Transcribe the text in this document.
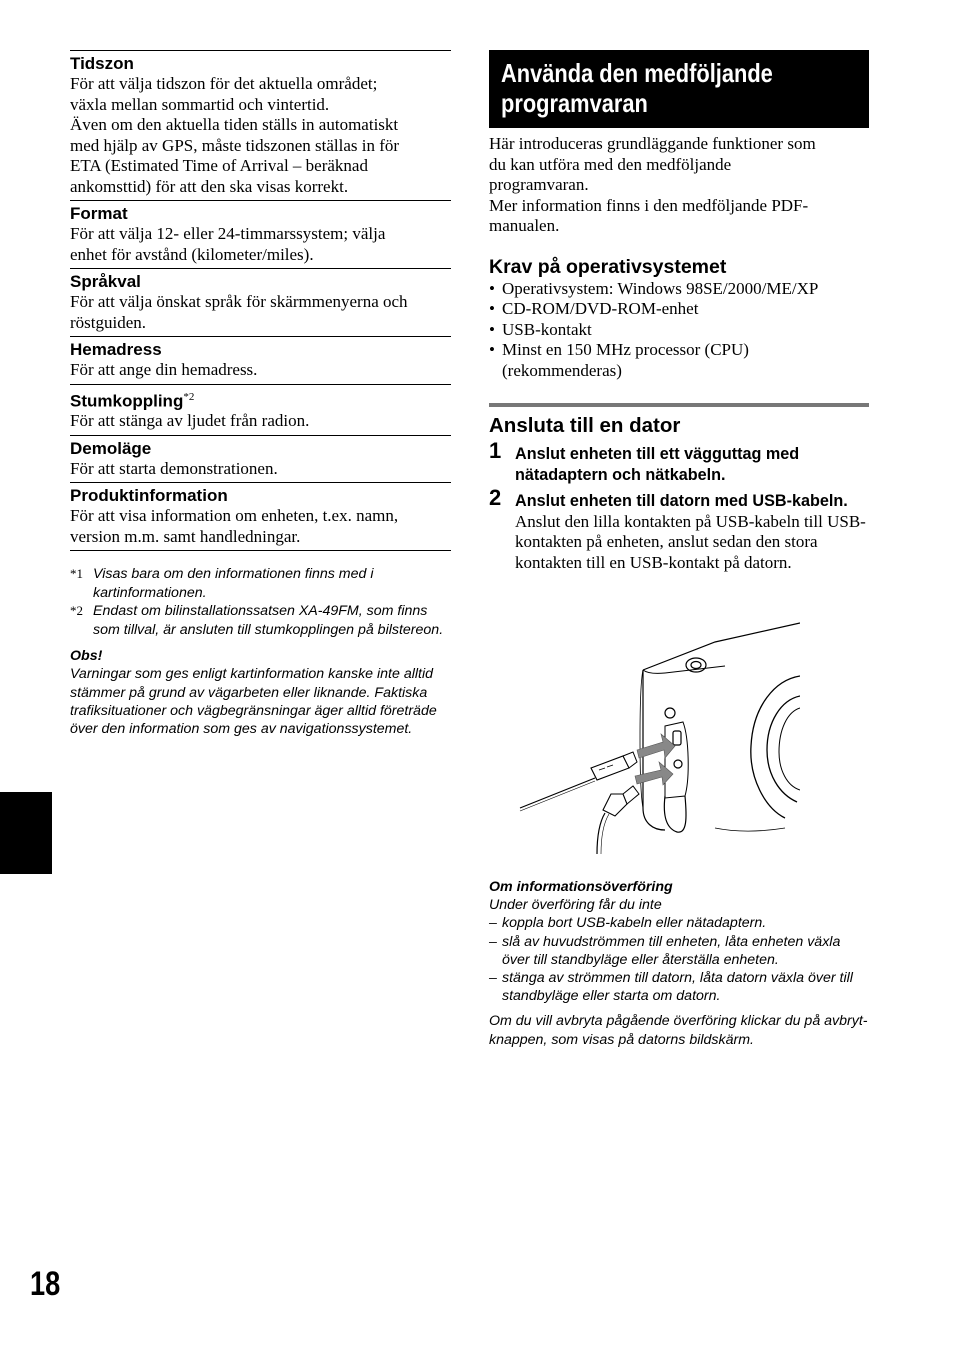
Tidszon
För att välja tidszon för det aktuella området;
växla mellan sommartid och vintertid.
Även om den aktuella tiden ställs in automatiskt
med hjälp av GPS, måste tidszonen ställas in för
ETA (Estimated Time of Arrival – beräknad
ankomsttid) för att den ska visas korrekt.
Format
För att välja 12- eller 24-timmarssystem; välja
enhet för avstånd (kilometer/miles).
Språkval
För att välja önskat språk för skärmmenyerna och
röstguiden.
Hemadress
För att ange din hemadress.
Stumkoppling$^{*2}$
För att stänga av ljudet från radion.
Demoläge
För att starta demonstrationen.
Produktinformation
För att visa information om enheten, t.ex. namn,
version m.m. samt handledningar.
*1 Visas bara om den informationen finns med i kartinformationen.
*2 Endast om bilinstallationssatsen XA-49FM, som finns som tillval, är ansluten till stumkopplingen på bilstereon.
Obs!
Varningar som ges enligt kartinformation kanske inte alltid stämmer på grund av vägarbeten eller liknande. Faktiska trafiksituationer och vägbegränsningar äger alltid företräde över den information som ges av navigationssystemet.
18
Använda den medföljande
programvaran
Här introduceras grundläggande funktioner som
du kan utföra med den medföljande
programvaran.
Mer information finns i den medföljande PDF-
manualen.
Krav på operativsystemet
• Operativsystem: Windows 98SE/2000/ME/XP
• CD-ROM/DVD-ROM-enhet
• USB-kontakt
• Minst en 150 MHz processor (CPU) (rekommenderas)
Ansluta till en dator
1 Anslut enheten till ett vägguttag med nätadaptern och nätkabeln.
2 Anslut enheten till datorn med USB-kabeln.
Anslut den lilla kontakten på USB-kabeln till USB-kontakten på enheten, anslut sedan den stora kontakten till en USB-kontakt på datorn.
Om informationsöverföring
Under överföring får du inte
– koppla bort USB-kabeln eller nätadaptern.
– slå av huvudströmmen till enheten, låta enheten växla över till standbyläge eller återställa enheten.
– stänga av strömmen till datorn, låta datorn växla över till standbyläge eller starta om datorn.
Om du vill avbryta pågående överföring klickar du på avbryt-knappen, som visas på datorns bildskärm.
